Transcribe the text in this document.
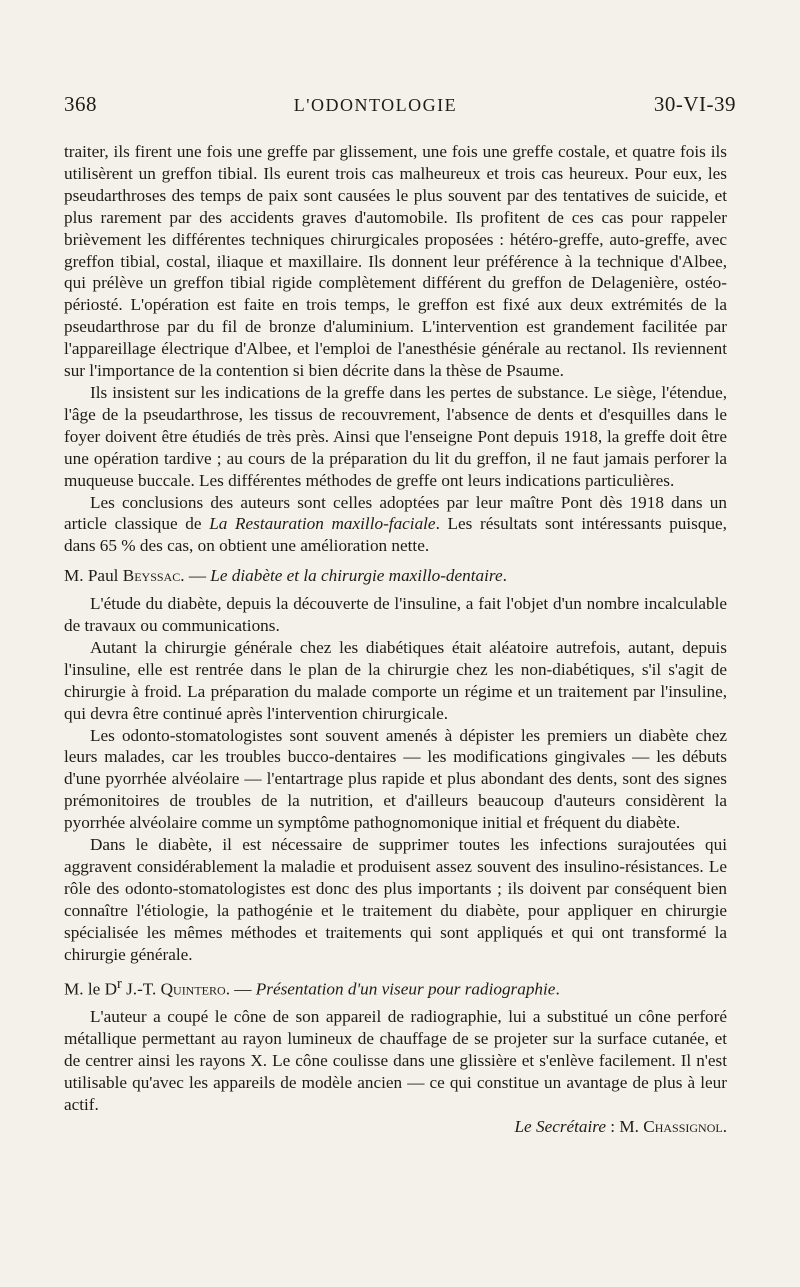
368	L'ODONTOLOGIE	30-VI-39

traiter, ils firent une fois une greffe par glissement, une fois une greffe costale, et quatre fois ils utilisèrent un greffon tibial. Ils eurent trois cas malheureux et trois cas heureux. Pour eux, les pseudarthroses des temps de paix sont causées le plus souvent par des tentatives de suicide, et plus rarement par des accidents graves d'automobile. Ils profitent de ces cas pour rappeler brièvement les différentes techniques chirurgicales proposées : hétéro-greffe, auto-greffe, avec greffon tibial, costal, iliaque et maxillaire. Ils donnent leur préférence à la technique d'Albee, qui prélève un greffon tibial rigide complètement différent du greffon de Delagenière, ostéo-périosté. L'opération est faite en trois temps, le greffon est fixé aux deux extrémités de la pseudarthrose par du fil de bronze d'aluminium. L'intervention est grandement facilitée par l'appareillage électrique d'Albee, et l'emploi de l'anesthésie générale au rectanol. Ils reviennent sur l'importance de la contention si bien décrite dans la thèse de Psaume.

Ils insistent sur les indications de la greffe dans les pertes de substance. Le siège, l'étendue, l'âge de la pseudarthrose, les tissus de recouvrement, l'absence de dents et d'esquilles dans le foyer doivent être étudiés de très près. Ainsi que l'enseigne Pont depuis 1918, la greffe doit être une opération tardive ; au cours de la préparation du lit du greffon, il ne faut jamais perforer la muqueuse buccale. Les différentes méthodes de greffe ont leurs indications particulières.

Les conclusions des auteurs sont celles adoptées par leur maître Pont dès 1918 dans un article classique de La Restauration maxillo-faciale. Les résultats sont intéressants puisque, dans 65 % des cas, on obtient une amélioration nette.

M. Paul Beyssac. — Le diabète et la chirurgie maxillo-dentaire.

L'étude du diabète, depuis la découverte de l'insuline, a fait l'objet d'un nombre incalculable de travaux ou communications.

Autant la chirurgie générale chez les diabétiques était aléatoire autrefois, autant, depuis l'insuline, elle est rentrée dans le plan de la chirurgie chez les non-diabétiques, s'il s'agit de chirurgie à froid. La préparation du malade comporte un régime et un traitement par l'insuline, qui devra être continué après l'intervention chirurgicale.

Les odonto-stomatologistes sont souvent amenés à dépister les premiers un diabète chez leurs malades, car les troubles bucco-dentaires — les modifications gingivales — les débuts d'une pyorrhée alvéolaire — l'entartrage plus rapide et plus abondant des dents, sont des signes prémonitoires de troubles de la nutrition, et d'ailleurs beaucoup d'auteurs considèrent la pyorrhée alvéolaire comme un symptôme pathognomonique initial et fréquent du diabète.

Dans le diabète, il est nécessaire de supprimer toutes les infections surajoutées qui aggravent considérablement la maladie et produisent assez souvent des insulino-résistances. Le rôle des odonto-stomatologistes est donc des plus importants ; ils doivent par conséquent bien connaître l'étiologie, la pathogénie et le traitement du diabète, pour appliquer en chirurgie spécialisée les mêmes méthodes et traitements qui sont appliqués et qui ont transformé la chirurgie générale.

M. le $D^r$ J.-T. Quintero. — Présentation d'un viseur pour radiographie.

L'auteur a coupé le cône de son appareil de radiographie, lui a substitué un cône perforé métallique permettant au rayon lumineux de chauffage de se projeter sur la surface cutanée, et de centrer ainsi les rayons X. Le cône coulisse dans une glissière et s'enlève facilement. Il n'est utilisable qu'avec les appareils de modèle ancien — ce qui constitue un avantage de plus à leur actif.

Le Secrétaire : M. Chassignol.
